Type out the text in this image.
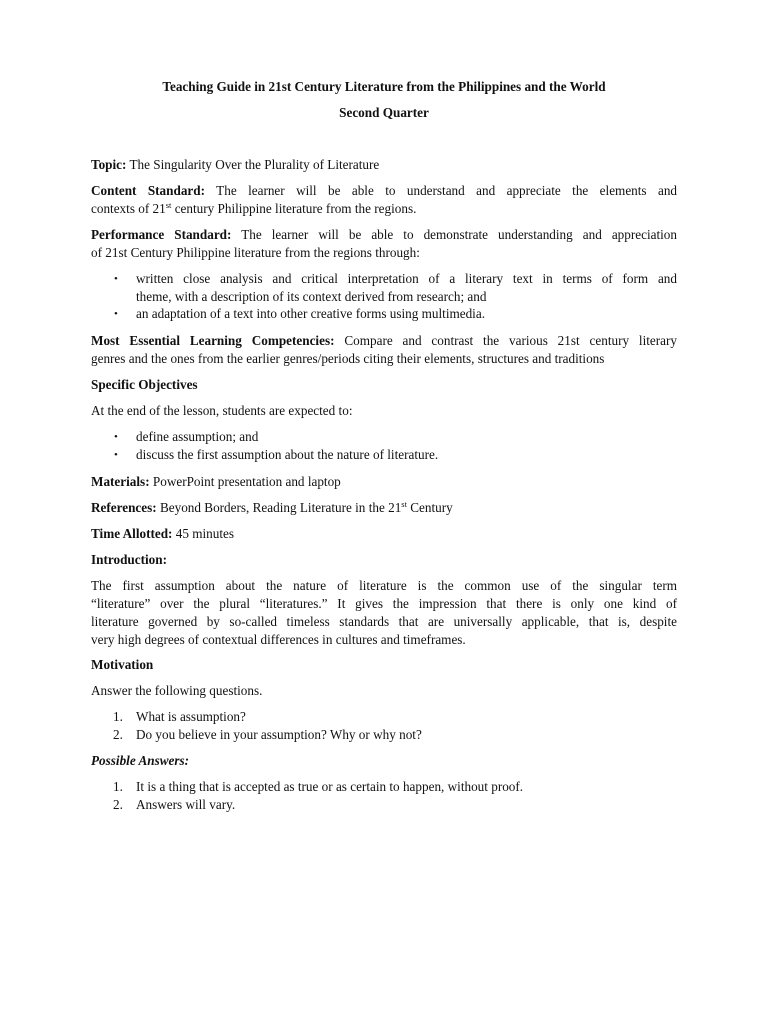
Teaching Guide in 21st Century Literature from the Philippines and the World
Second Quarter

Topic: The Singularity Over the Plurality of Literature

Content Standard: The learner will be able to understand and appreciate the elements and

contexts of 21st century Philippine literature from the regions.

Performance Standard: The learner will be able to demonstrate understanding and appreciation

of 21st Century Philippine literature from the regions through:

• written close analysis and critical interpretation of a literary text in terms of form and
theme, with a description of its context derived from research; and
• an adaptation of a text into other creative forms using multimedia.

Most Essential Learning Competencies: Compare and contrast the various 21st century literary

genres and the ones from the earlier genres/periods citing their elements, structures and traditions

Specific Objectives

At the end of the lesson, students are expected to:

• define assumption; and
• discuss the first assumption about the nature of literature.

Materials: PowerPoint presentation and laptop

References: Beyond Borders, Reading Literature in the 21st Century

Time Allotted: 45 minutes

Introduction:

The first assumption about the nature of literature is the common use of the singular term

“literature” over the plural “literatures.” It gives the impression that there is only one kind of

literature governed by so-called timeless standards that are universally applicable, that is, despite

very high degrees of contextual differences in cultures and timeframes.

Motivation

Answer the following questions.

1. What is assumption?
2. Do you believe in your assumption? Why or why not?

Possible Answers:

1. It is a thing that is accepted as true or as certain to happen, without proof.
2. Answers will vary.
